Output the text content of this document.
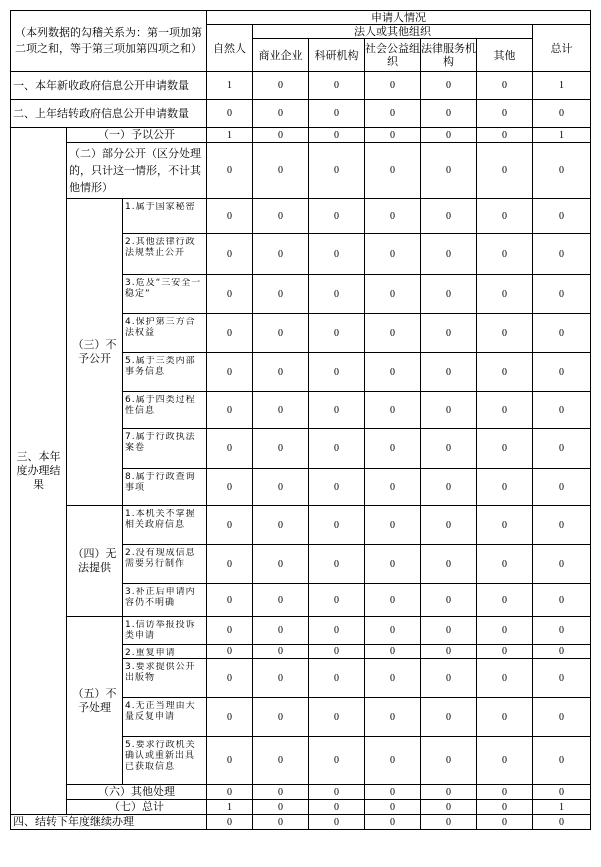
（本列数据的勾稽关系为：第一项加第二项之和，等于第三项加第四项之和）			申请人情况						
			自然人	法人或其他组织					总计
				商业企业	科研机构	社会公益组织	法律服务机构	其他	
一、本年新收政府信息公开申请数量			1	0	0	0	0	0	1
二、上年结转政府信息公开申请数量			0	0	0	0	0	0	0
三、本年度办理结果	（一）予以公开		1	0	0	0	0	0	1
	（二）部分公开（区分处理的，只计这一情形，不计其他情形）		0	0	0	0	0	0	0
	（三）不予公开	1.属于国家秘密	0	0	0	0	0	0	0

		2.其他法律行政法规禁止公开	0	0	0	0	0	0	0

		3.危及“三安全一稳定”	0	0	0	0	0	0	0

		4.保护第三方合法权益	0	0	0	0	0	0	0

		5.属于三类内部事务信息	0	0	0	0	0	0	0

		6.属于四类过程性信息	0	0	0	0	0	0	0

		7.属于行政执法案卷	0	0	0	0	0	0	0

		8.属于行政查询事项	0	0	0	0	0	0	0
	（四）无法提供	1.本机关不掌握相关政府信息	0	0	0	0	0	0	0

		2.没有现成信息需要另行制作	0	0	0	0	0	0	0

		3.补正后申请内容仍不明确	0	0	0	0	0	0	0
	（五）不予处理	1.信访举报投诉类申请	0	0	0	0	0	0	0

		2.重复申请	0	0	0	0	0	0	0

		3.要求提供公开出版物	0	0	0	0	0	0	0

		4.无正当理由大量反复申请	0	0	0	0	0	0	0

		5.要求行政机关确认或重新出具已获取信息	0	0	0	0	0	0	0
	（六）其他处理		0	0	0	0	0	0	0
	（七）总计		1	0	0	0	0	0	1
四、结转下年度继续办理			0	0	0	0	0	0	0
